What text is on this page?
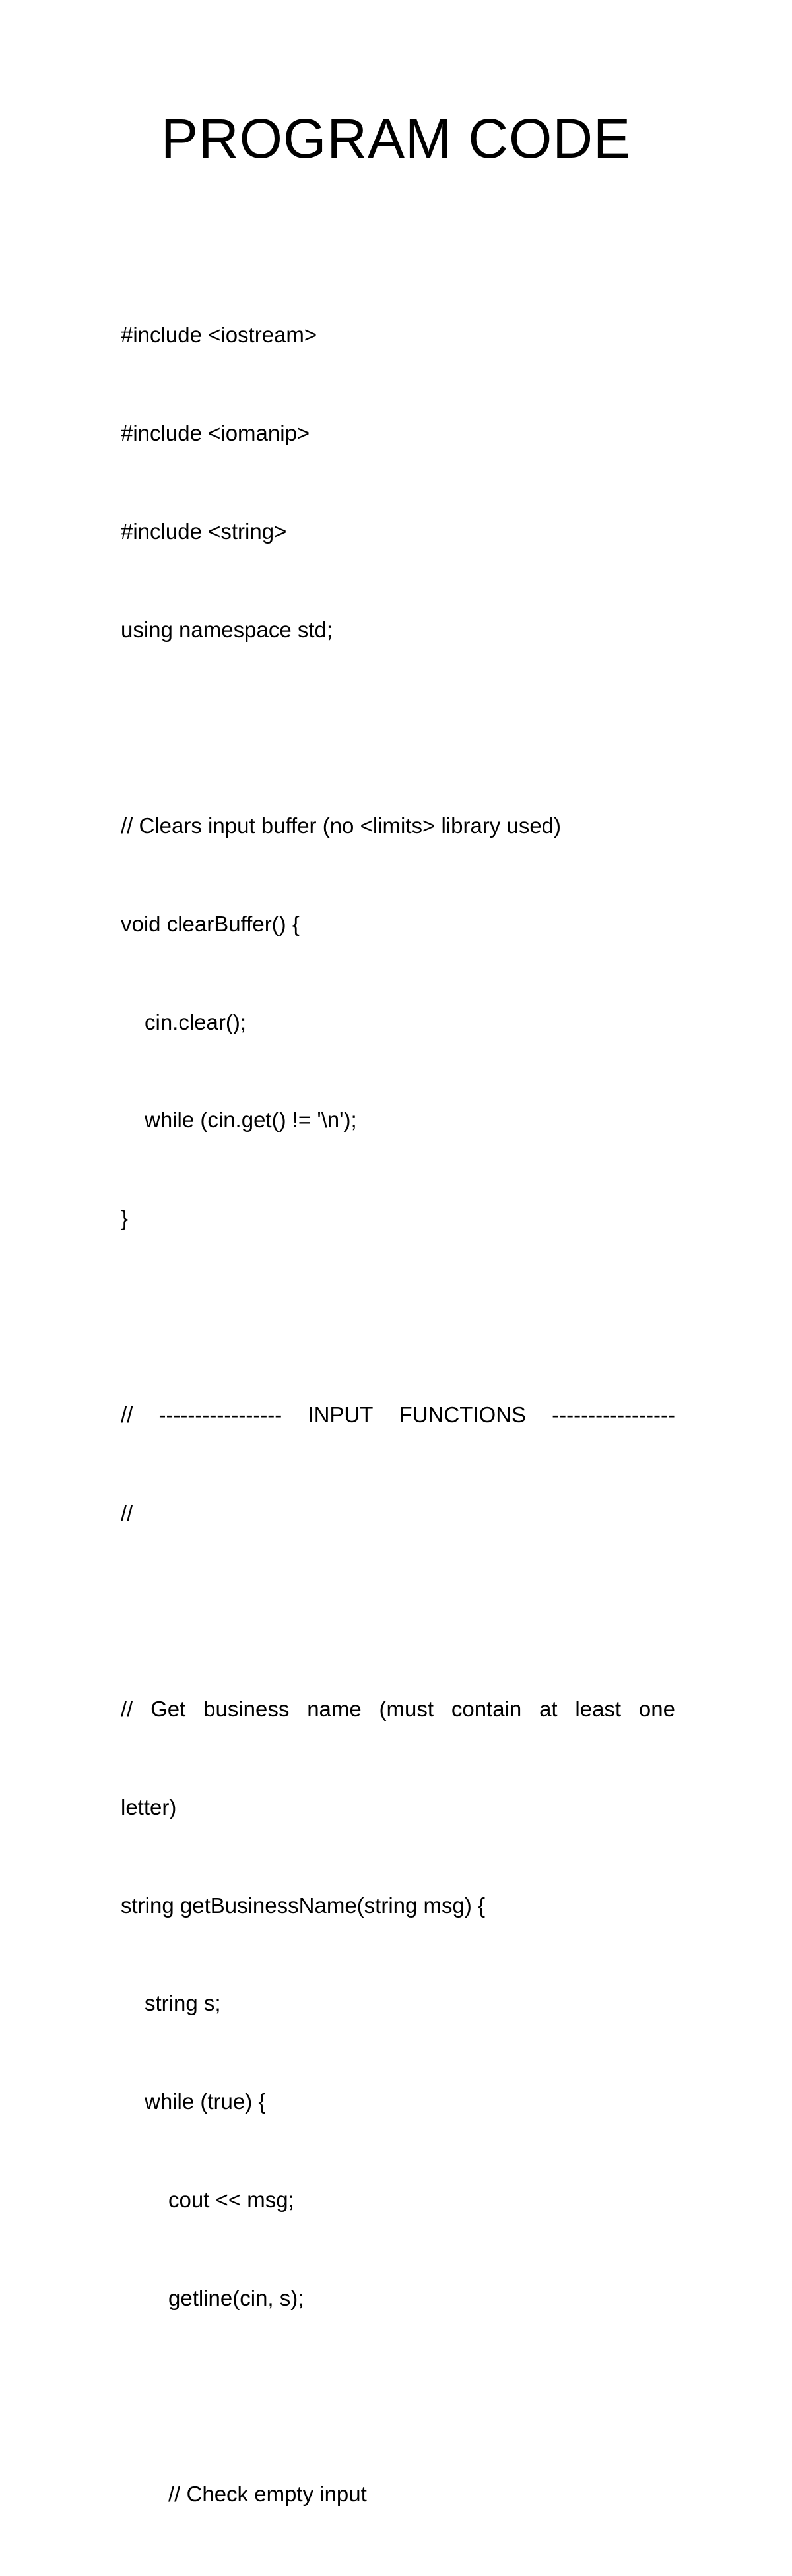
PROGRAM CODE

#include <iostream>

#include <iomanip>

#include <string>

using namespace std;

// Clears input buffer (no <limits> library used)

void clearBuffer() {

cin.clear();

while (cin.get() != '\n');

}

// ----------------- INPUT FUNCTIONS -----------------

//

// Get business name (must contain at least one

letter)

string getBusinessName(string msg) {

string s;

while (true) {

cout << msg;

getline(cin, s);

// Check empty input
